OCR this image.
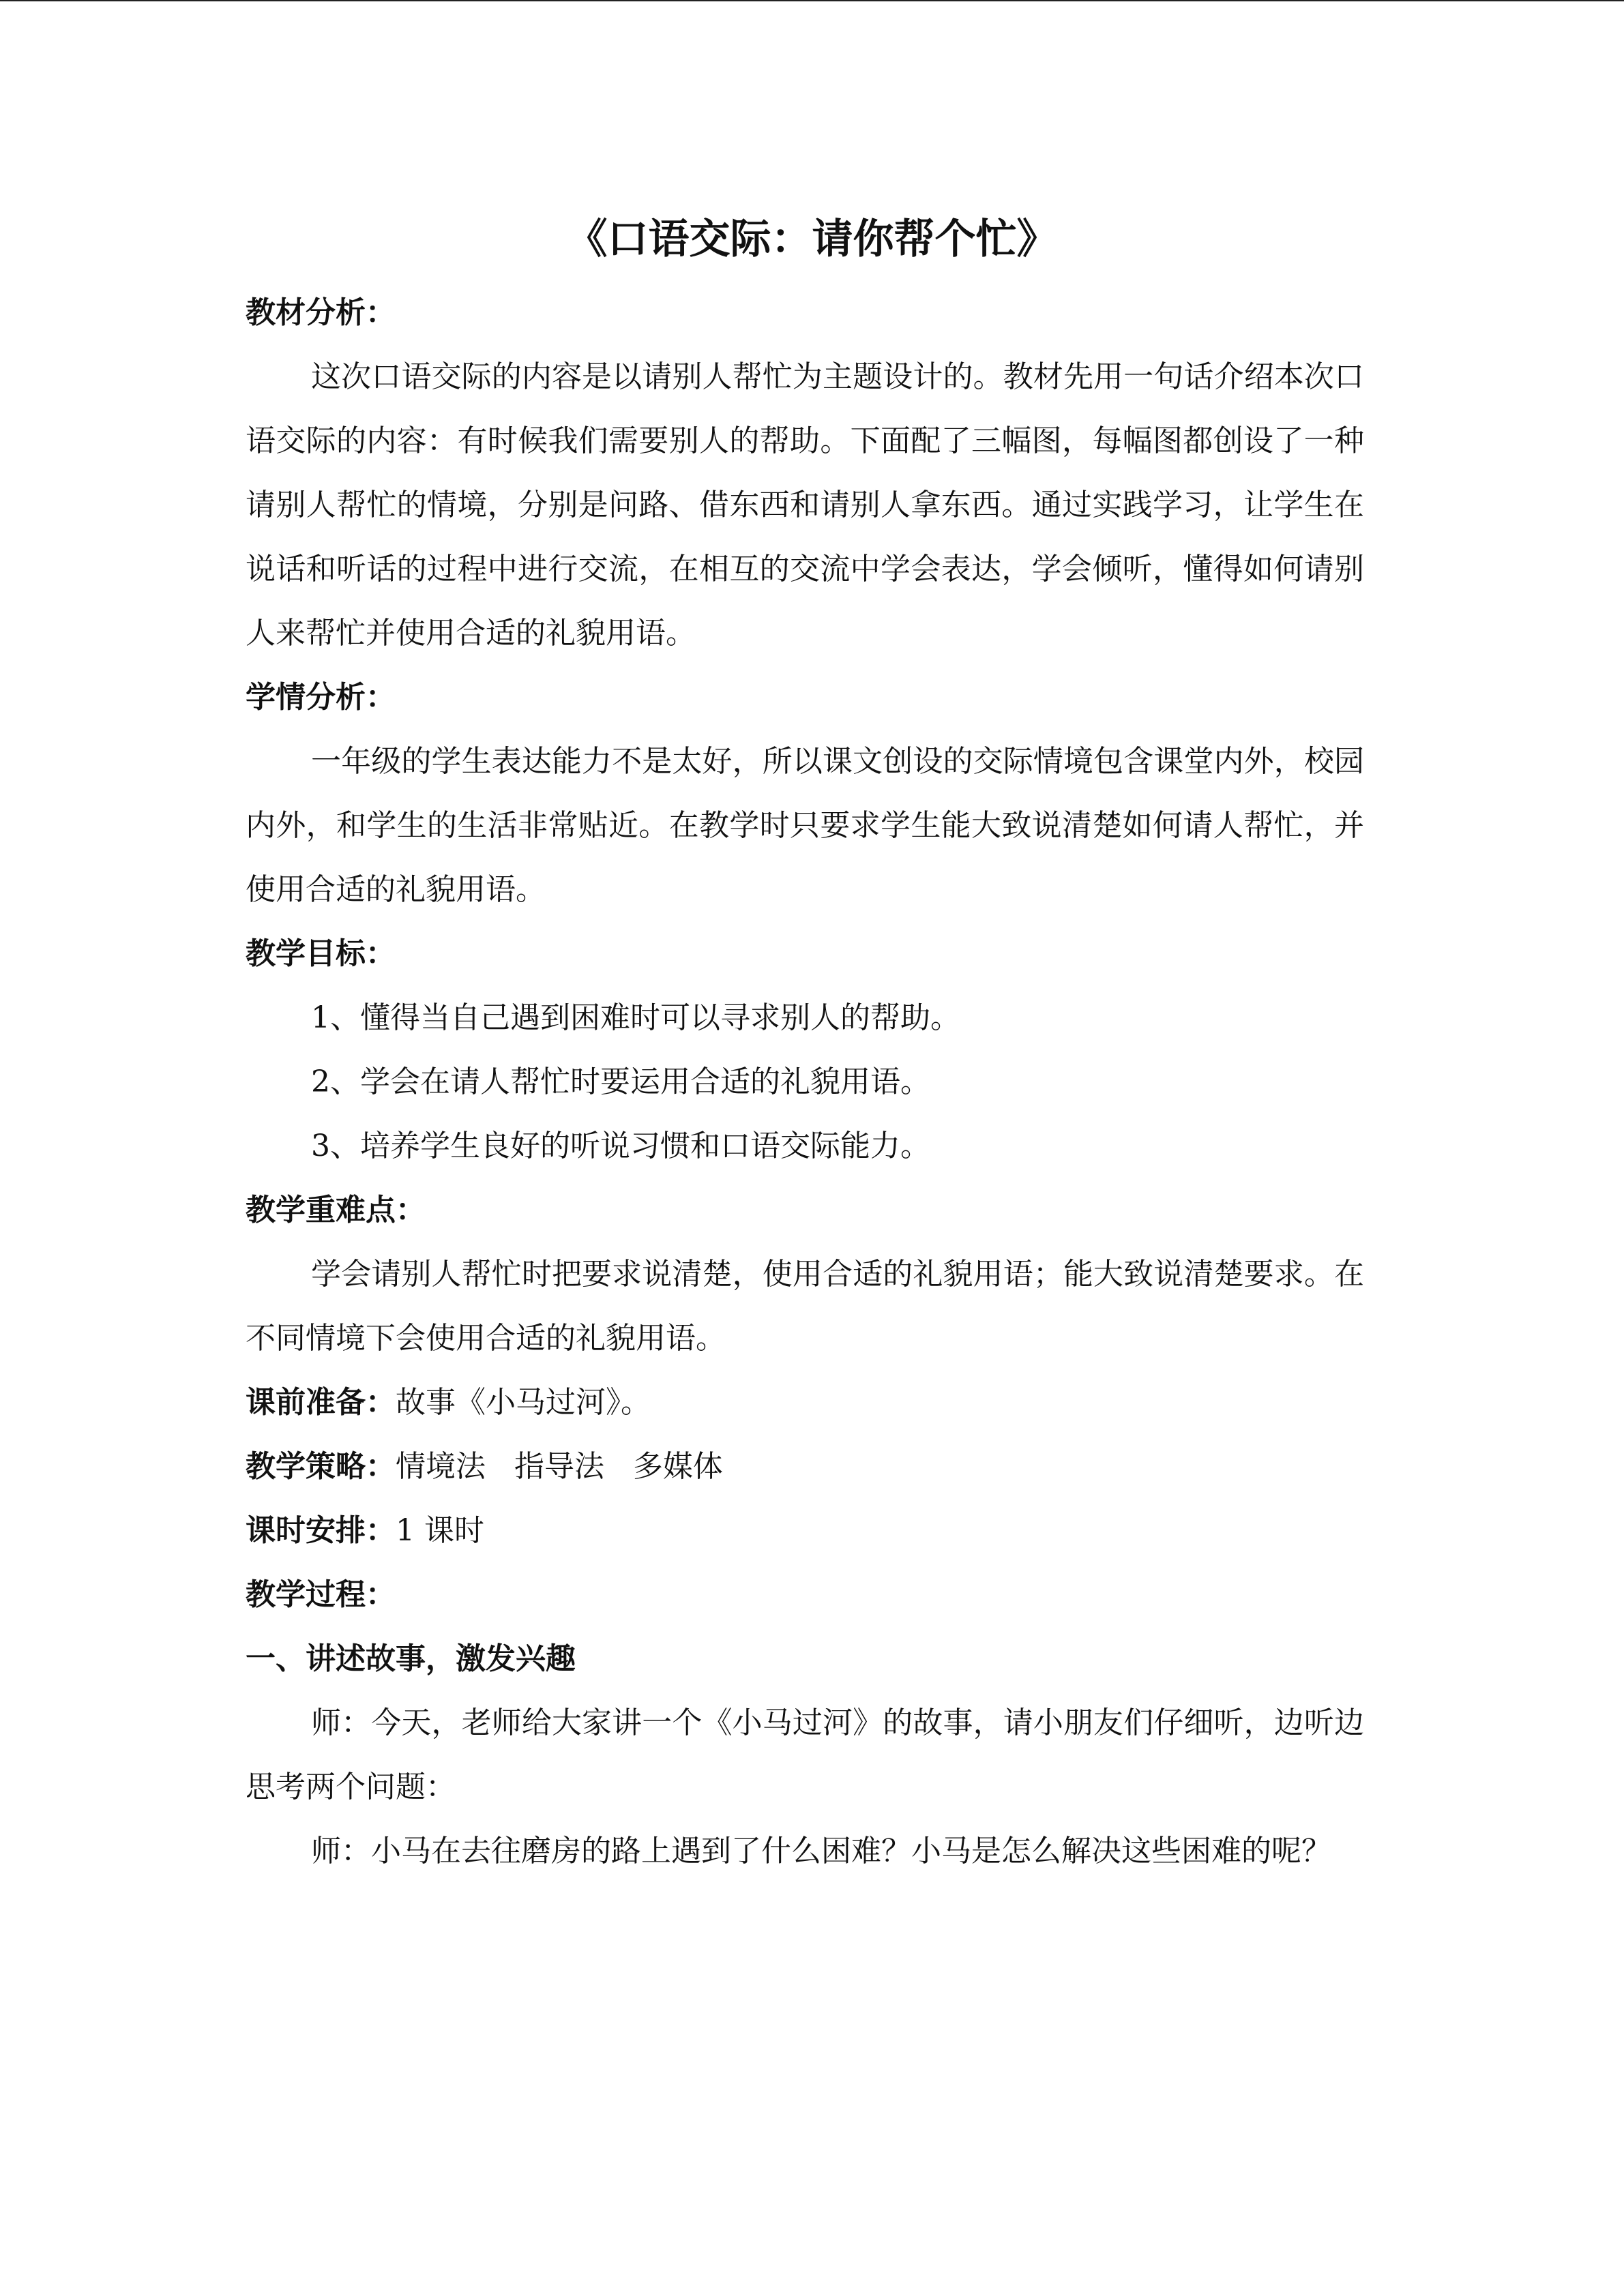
《口语交际：请你帮个忙》

教材分析：

这次口语交际的内容是以请别人帮忙为主题设计的。教材先用一句话介绍本次口语交际的内容：有时候我们需要别人的帮助。下面配了三幅图，每幅图都创设了一种请别人帮忙的情境，分别是问路、借东西和请别人拿东西。通过实践学习，让学生在说话和听话的过程中进行交流，在相互的交流中学会表达，学会倾听，懂得如何请别人来帮忙并使用合适的礼貌用语。

学情分析：

一年级的学生表达能力不是太好，所以课文创设的交际情境包含课堂内外，校园内外，和学生的生活非常贴近。在教学时只要求学生能大致说清楚如何请人帮忙，并使用合适的礼貌用语。

教学目标：

1、懂得当自己遇到困难时可以寻求别人的帮助。

2、学会在请人帮忙时要运用合适的礼貌用语。

3、培养学生良好的听说习惯和口语交际能力。

教学重难点：

学会请别人帮忙时把要求说清楚，使用合适的礼貌用语；能大致说清楚要求。在不同情境下会使用合适的礼貌用语。

课前准备：故事《小马过河》。

教学策略：情境法   指导法   多媒体

课时安排：1 课时

教学过程：

一、讲述故事，激发兴趣

师：今天，老师给大家讲一个《小马过河》的故事，请小朋友们仔细听，边听边思考两个问题：

师：小马在去往磨房的路上遇到了什么困难？小马是怎么解决这些困难的呢？
